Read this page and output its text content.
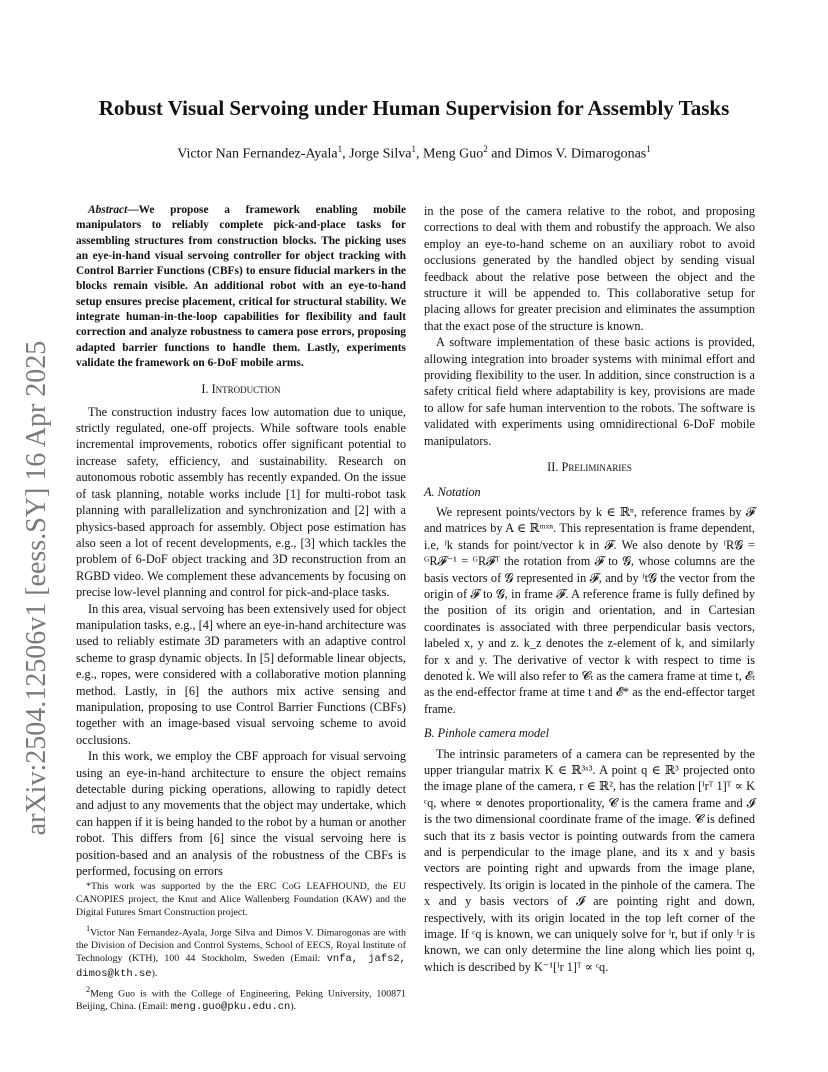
arXiv:2504.12506v1 [eess.SY] 16 Apr 2025
Robust Visual Servoing under Human Supervision for Assembly Tasks
Victor Nan Fernandez-Ayala$^1$, Jorge Silva$^1$, Meng Guo$^2$ and Dimos V. Dimarogonas$^1$

Abstract—We propose a framework enabling mobile manipulators to reliably complete pick-and-place tasks for assembling structures from construction blocks. The picking uses an eye-in-hand visual servoing controller for object tracking with Control Barrier Functions (CBFs) to ensure fiducial markers in the blocks remain visible. An additional robot with an eye-to-hand setup ensures precise placement, critical for structural stability. We integrate human-in-the-loop capabilities for flexibility and fault correction and analyze robustness to camera pose errors, proposing adapted barrier functions to handle them. Lastly, experiments validate the framework on 6-DoF mobile arms.

I. Introduction

The construction industry faces low automation due to unique, strictly regulated, one-off projects. While software tools enable incremental improvements, robotics offer significant potential to increase safety, efficiency, and sustainability. Research on autonomous robotic assembly has recently expanded. On the issue of task planning, notable works include [1] for multi-robot task planning with parallelization and synchronization and [2] with a physics-based approach for assembly. Object pose estimation has also seen a lot of recent developments, e.g., [3] which tackles the problem of 6-DoF object tracking and 3D reconstruction from an RGBD video. We complement these advancements by focusing on precise low-level planning and control for pick-and-place tasks.

In this area, visual servoing has been extensively used for object manipulation tasks, e.g., [4] where an eye-in-hand architecture was used to reliably estimate 3D parameters with an adaptive control scheme to grasp dynamic objects. In [5] deformable linear objects, e.g., ropes, were considered with a collaborative motion planning method. Lastly, in [6] the authors mix active sensing and manipulation, proposing to use Control Barrier Functions (CBFs) together with an image-based visual servoing scheme to avoid occlusions.

In this work, we employ the CBF approach for visual servoing using an eye-in-hand architecture to ensure the object remains detectable during picking operations, allowing to rapidly detect and adjust to any movements that the object may undertake, which can happen if it is being handed to the robot by a human or another robot. This differs from [6] since the visual servoing here is position-based and an analysis of the robustness of the CBFs is performed, focusing on errors

*This work was supported by the the ERC CoG LEAFHOUND, the EU CANOPIES project, the Knut and Alice Wallenberg Foundation (KAW) and the Digital Futures Smart Construction project.

$^1$Victor Nan Fernandez-Ayala, Jorge Silva and Dimos V. Dimarogonas are with the Division of Decision and Control Systems, School of EECS, Royal Institute of Technology (KTH), 100 44 Stockholm, Sweden (Email: vnfa, jafs2, dimos@kth.se).

$^2$Meng Guo is with the College of Engineering, Peking University, 100871 Beijing, China. (Email: meng.guo@pku.edu.cn).

in the pose of the camera relative to the robot, and proposing corrections to deal with them and robustify the approach. We also employ an eye-to-hand scheme on an auxiliary robot to avoid occlusions generated by the handled object by sending visual feedback about the relative pose between the object and the structure it will be appended to. This collaborative setup for placing allows for greater precision and eliminates the assumption that the exact pose of the structure is known.

A software implementation of these basic actions is provided, allowing integration into broader systems with minimal effort and providing flexibility to the user. In addition, since construction is a safety critical field where adaptability is key, provisions are made to allow for safe human intervention to the robots. The software is validated with experiments using omnidirectional 6-DoF mobile manipulators.

II. Preliminaries
A. Notation

We represent points/vectors by k ∈ ℝⁿ, reference frames by 𝓕 and matrices by A ∈ ℝᵐˣⁿ. This representation is frame dependent, i.e, ᶠk stands for point/vector k in 𝓕. We also denote by ᶠR𝓖 = ᴳR𝓕⁻¹ = ᴳR𝓕ᵀ the rotation from 𝓕 to 𝓖, whose columns are the basis vectors of 𝓖 represented in 𝓕, and by ᶠt𝓖 the vector from the origin of 𝓕 to 𝓖, in frame 𝓕. A reference frame is fully defined by the position of its origin and orientation, and in Cartesian coordinates is associated with three perpendicular basis vectors, labeled x, y and z. k_z denotes the z-element of k, and similarly for x and y. The derivative of vector k with respect to time is denoted k̇. We will also refer to 𝓒ₜ as the camera frame at time t, 𝓔ₜ as the end-effector frame at time t and 𝓔* as the end-effector target frame.

B. Pinhole camera model

The intrinsic parameters of a camera can be represented by the upper triangular matrix K ∈ ℝ³ˣ³. A point q ∈ ℝ³ projected onto the image plane of the camera, r ∈ ℝ², has the relation [ᴵrᵀ 1]ᵀ ∝ K ᶜq, where ∝ denotes proportionality, 𝓒 is the camera frame and 𝓘 is the two dimensional coordinate frame of the image. 𝓒 is defined such that its z basis vector is pointing outwards from the camera and is perpendicular to the image plane, and its x and y basis vectors are pointing right and upwards from the image plane, respectively. Its origin is located in the pinhole of the camera. The x and y basis vectors of 𝓘 are pointing right and down, respectively, with its origin located in the top left corner of the image. If ᶜq is known, we can uniquely solve for ᴵr, but if only ᴵr is known, we can only determine the line along which lies point q, which is described by K⁻¹[ᴵr 1]ᵀ ∝ ᶜq.
